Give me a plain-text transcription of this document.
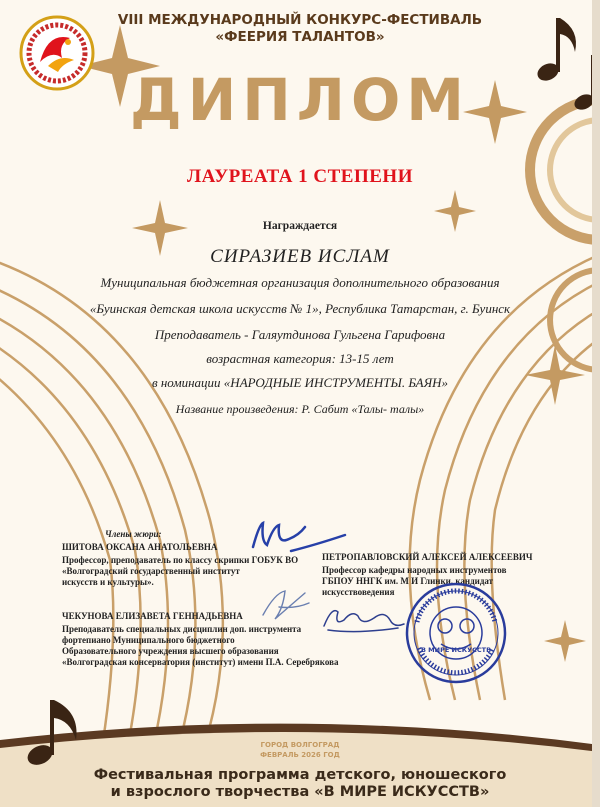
VIII МЕЖДУНАРОДНЫЙ КОНКУРС-ФЕСТИВАЛЬ
«ФЕЕРИЯ ТАЛАНТОВ»
ДИПЛОМ
ЛАУРЕАТА 1 СТЕПЕНИ
Награждается
СИРАЗИЕВ ИСЛАМ
Муниципальная бюджетная организация дополнительного образования
«Буинская детская школа искусств № 1», Республика Татарстан, г. Буинск
Преподаватель - Галяутдинова Гульгена Гарифовна
возрастная категория: 13-15 лет
в номинации «НАРОДНЫЕ ИНСТРУМЕНТЫ. БАЯН»
Название произведения: Р. Сабит «Талы- талы»
Члены жюри:
ШИТОВА ОКСАНА АНАТОЛЬЕВНА
Профессор, преподаватель по классу скрипки ГОБУК ВО
«Волгоградский государственный институт
искусств и культуры».
ПЕТРОПАВЛОВСКИЙ АЛЕКСЕЙ АЛЕКСЕЕВИЧ
Профессор кафедры народных инструментов
ГБПОУ ННГК им. М И Глинки, кандидат
искусствоведения
ЧЕКУНОВА ЕЛИЗАВЕТА ГЕННАДЬЕВНА
Преподаватель специальных дисциплин доп. инструмента
фортепиано Муниципального бюджетного
Образовательного учреждения высшего образования
«Волгоградская консерватория (институт) имени П.А. Серебрякова
В МИРЕ ИСКУССТВ
ГОРОД ВОЛГОГРАД
ФЕВРАЛЬ 2026 ГОД
Фестивальная программа детского, юношеского
и взрослого творчества «В МИРЕ ИСКУССТВ»
